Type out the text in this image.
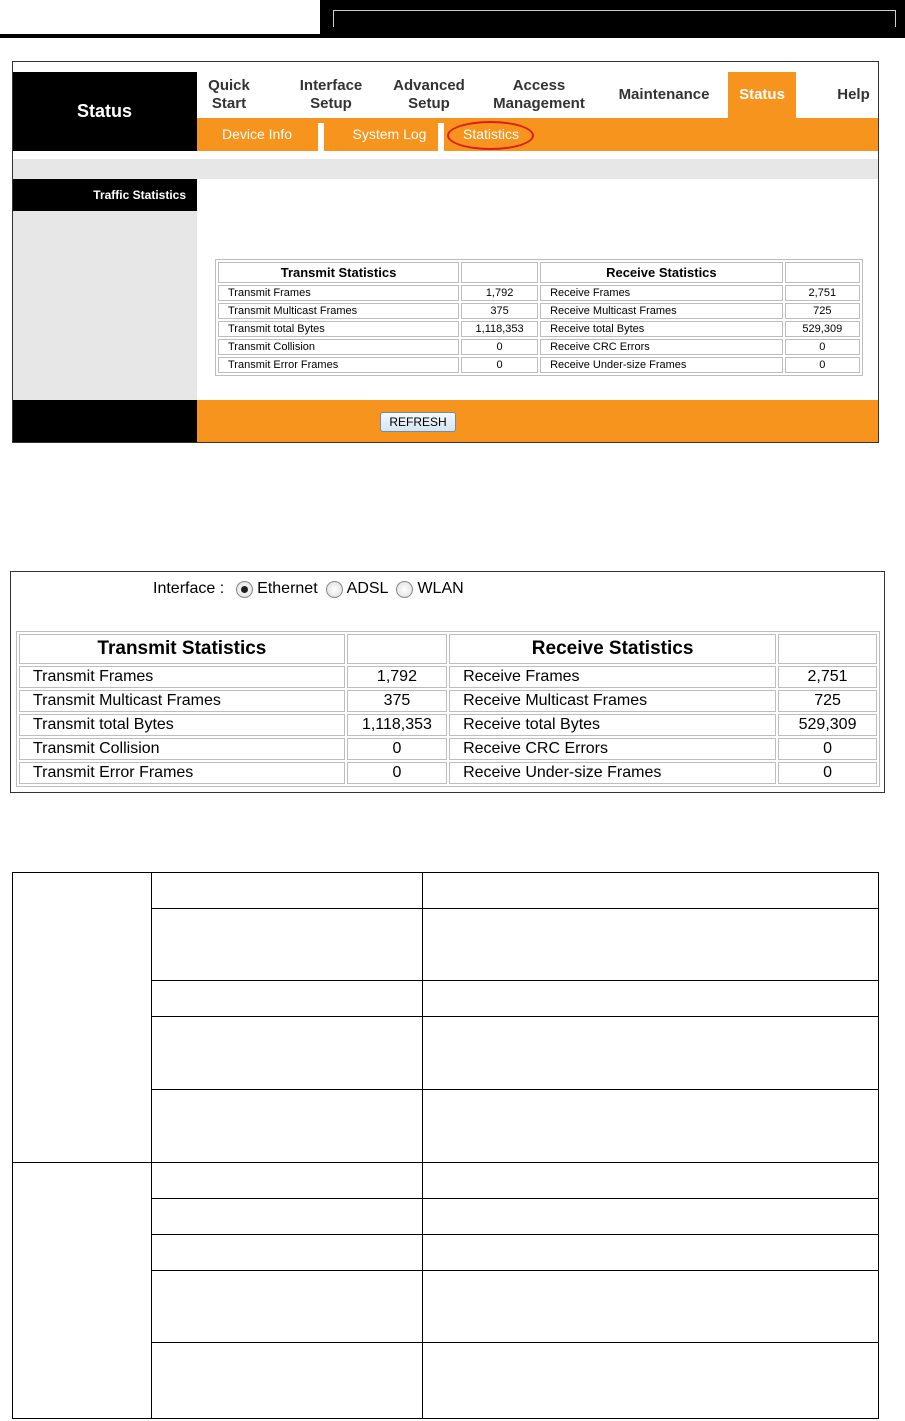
Status
Quick
Start
Interface
Setup
Advanced
Setup
Access
Management
Maintenance Status	Help
Device Info	System Log	Statistics
Traffic Statistics
Transmit Statistics		Receive Statistics	
Transmit Frames	1,792	Receive Frames	2,751
Transmit Multicast Frames	375	Receive Multicast Frames	725
Transmit total Bytes	1,118,353	Receive total Bytes	529,309
Transmit Collision	0	Receive CRC Errors	0
Transmit Error Frames	0	Receive Under-size Frames	0
REFRESH
Interface : Ethernet ADSL WLAN
Transmit Statistics		Receive Statistics	
Transmit Frames	1,792	Receive Frames	2,751
Transmit Multicast Frames	375	Receive Multicast Frames	725
Transmit total Bytes	1,118,353	Receive total Bytes	529,309
Transmit Collision	0	Receive CRC Errors	0
Transmit Error Frames	0	Receive Under-size Frames	0
